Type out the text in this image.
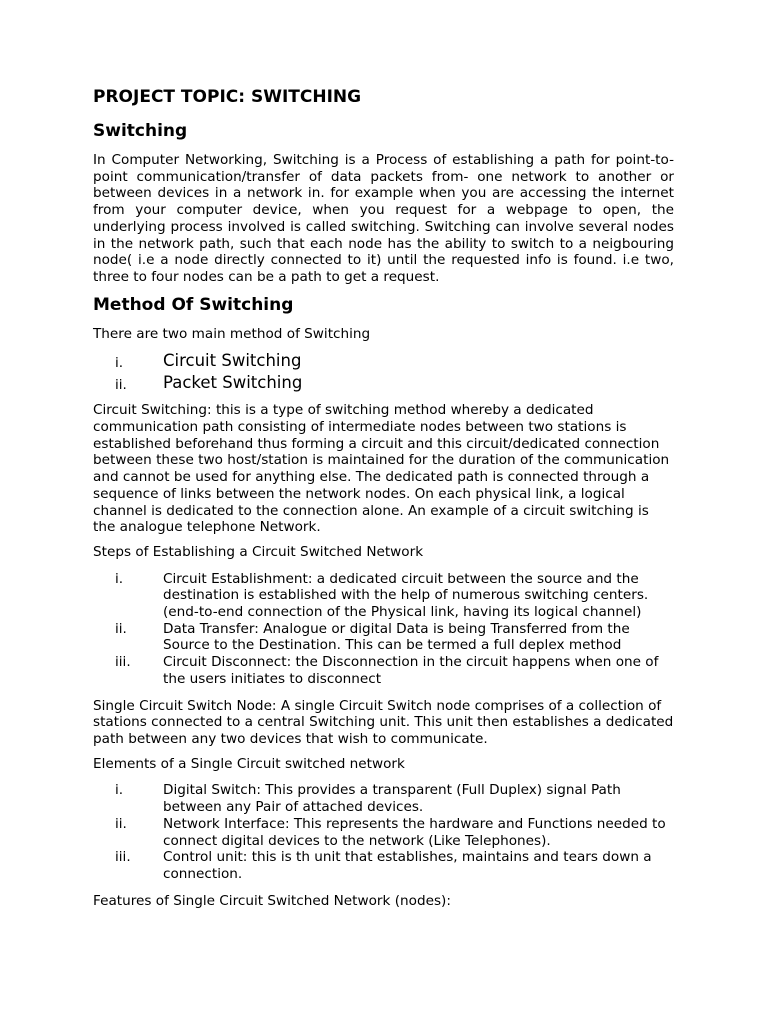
PROJECT TOPIC: SWITCHING
Switching

In Computer Networking, Switching is a Process of establishing a path for point-to-point communication/transfer of data packets from- one network to another or between devices in a network in. for example when you are accessing the internet from your computer device, when you request for a webpage to open, the underlying process involved is called switching. Switching can involve several nodes in the network path, such that each node has the ability to switch to a neigbouring node( i.e a node directly connected to it) until the requested info is found. i.e two, three to four nodes can be a path to get a request.

Method Of Switching

There are two main method of Switching

i. Circuit Switching
ii. Packet Switching

Circuit Switching: this is a type of switching method whereby a dedicated communication path consisting of intermediate nodes between two stations is established beforehand thus forming a circuit and this circuit/dedicated connection between these two host/station is maintained for the duration of the communication and cannot be used for anything else. The dedicated path is connected through a sequence of links between the network nodes. On each physical link, a logical channel is dedicated to the connection alone. An example of a circuit switching is the analogue telephone Network.

Steps of Establishing a Circuit Switched Network

i.	Circuit Establishment: a dedicated circuit between the source and the destination is established with the help of numerous switching centers. (end-to-end connection of the Physical link, having its logical channel)
ii.	Data Transfer: Analogue or digital Data is being Transferred from the Source to the Destination. This can be termed a full deplex method
iii. Circuit Disconnect: the Disconnection in the circuit happens when one of the users initiates to disconnect

Single Circuit Switch Node: A single Circuit Switch node comprises of a collection of stations connected to a central Switching unit. This unit then establishes a dedicated path between any two devices that wish to communicate.

Elements of a Single Circuit switched network

i.	Digital Switch: This provides a transparent (Full Duplex) signal Path between any Pair of attached devices.
ii.	Network Interface: This represents the hardware and Functions needed to connect digital devices to the network (Like Telephones).
iii. Control unit: this is th unit that establishes, maintains and tears down a connection.

Features of Single Circuit Switched Network (nodes):
